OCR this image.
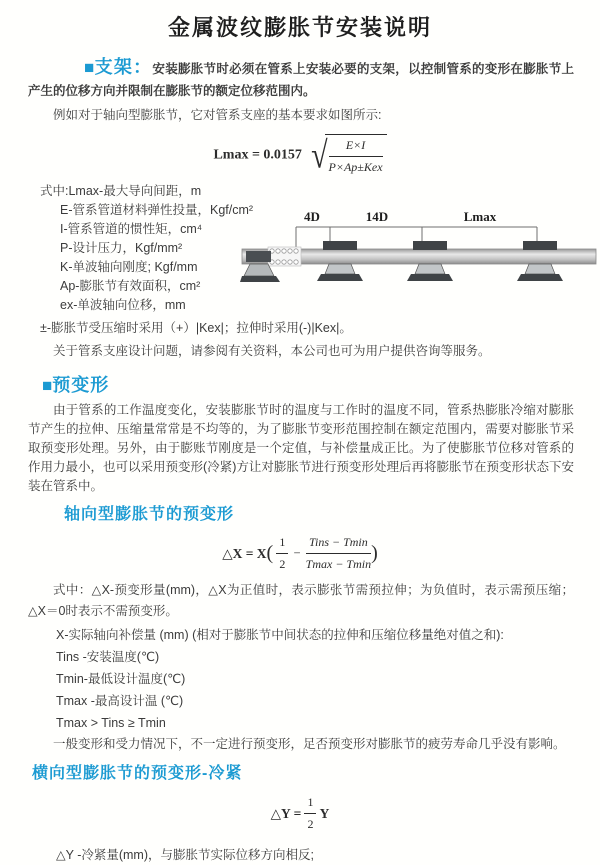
金属波纹膨胀节安装说明

■支架：安装膨胀节时必须在管系上安装必要的支架，以控制管系的变形在膨胀节上产生的位移方向并限制在膨胀节的额定位移范围内。

例如对于轴向型膨胀节，它对管系支座的基本要求如图所示:

Lmax = 0.0157 √
$\frac{E\times I}{\text{P×Ap±Kex}}$
式中:Lmax-最大导向间距，m
E-管系管道材料弹性投量，Kgf/cm²
I-管系管道的惯性矩，cm⁴
P-设计压力，Kgf/mm²
K-单波轴向刚度; Kgf/mm
Ap-膨胀节有效面积，cm²
ex-单波轴向位移，mm
4D	14D	Lmax

±-膨胀节受压缩时采用（+）|Kex|；拉伸时采用(-)|Kex|。

关于管系支座设计问题，请参阅有关资料，本公司也可为用户提供咨询等服务。

■预变形

由于管系的工作温度变化，安装膨胀节时的温度与工作时的温度不同，管系热膨胀冷缩对膨胀节产生的拉伸、压缩量常常是不均等的，为了膨胀节变形范围控制在额定范围内，需要对膨胀节采取预变形处理。另外，由于膨账节刚度是一个定值，与补偿量成正比。为了使膨胀节位移对管系的作用力最小，也可以采用预变形(冷紧)方让对膨胀节进行预变形处理后再将膨胀节在预变形状态下安装在管系中。

轴向型膨胀节的预变形
△X = $X( \frac{1}{2} - \frac{\text{Tins − Tmin}}{Tmax - Tmin}$ )

式中：△X-预变形量(mm)，△X为正值时，表示膨张节需预拉伸；为负值时，表示需预压缩；△X＝0时表示不需预变形。

X-实际轴向补偿量 (mm) (相对于膨胀节中间状态的拉伸和压缩位移量绝对值之和):

Tins -安装温度(℃)

Tmin-最低设计温度(℃)

Tmax -最高设计温 (℃)

Tmax > Tins ≥ Tmin

一般变形和受力情况下，不一定进行预变形，足否预变形对膨胀节的疲劳寿命几乎没有影响。

横向型膨胀节的预变形-冷紧
△Y = $\frac{1}{2}$ Y

△Y -冷紧量(mm)，与膨胀节实际位移方向相反;
